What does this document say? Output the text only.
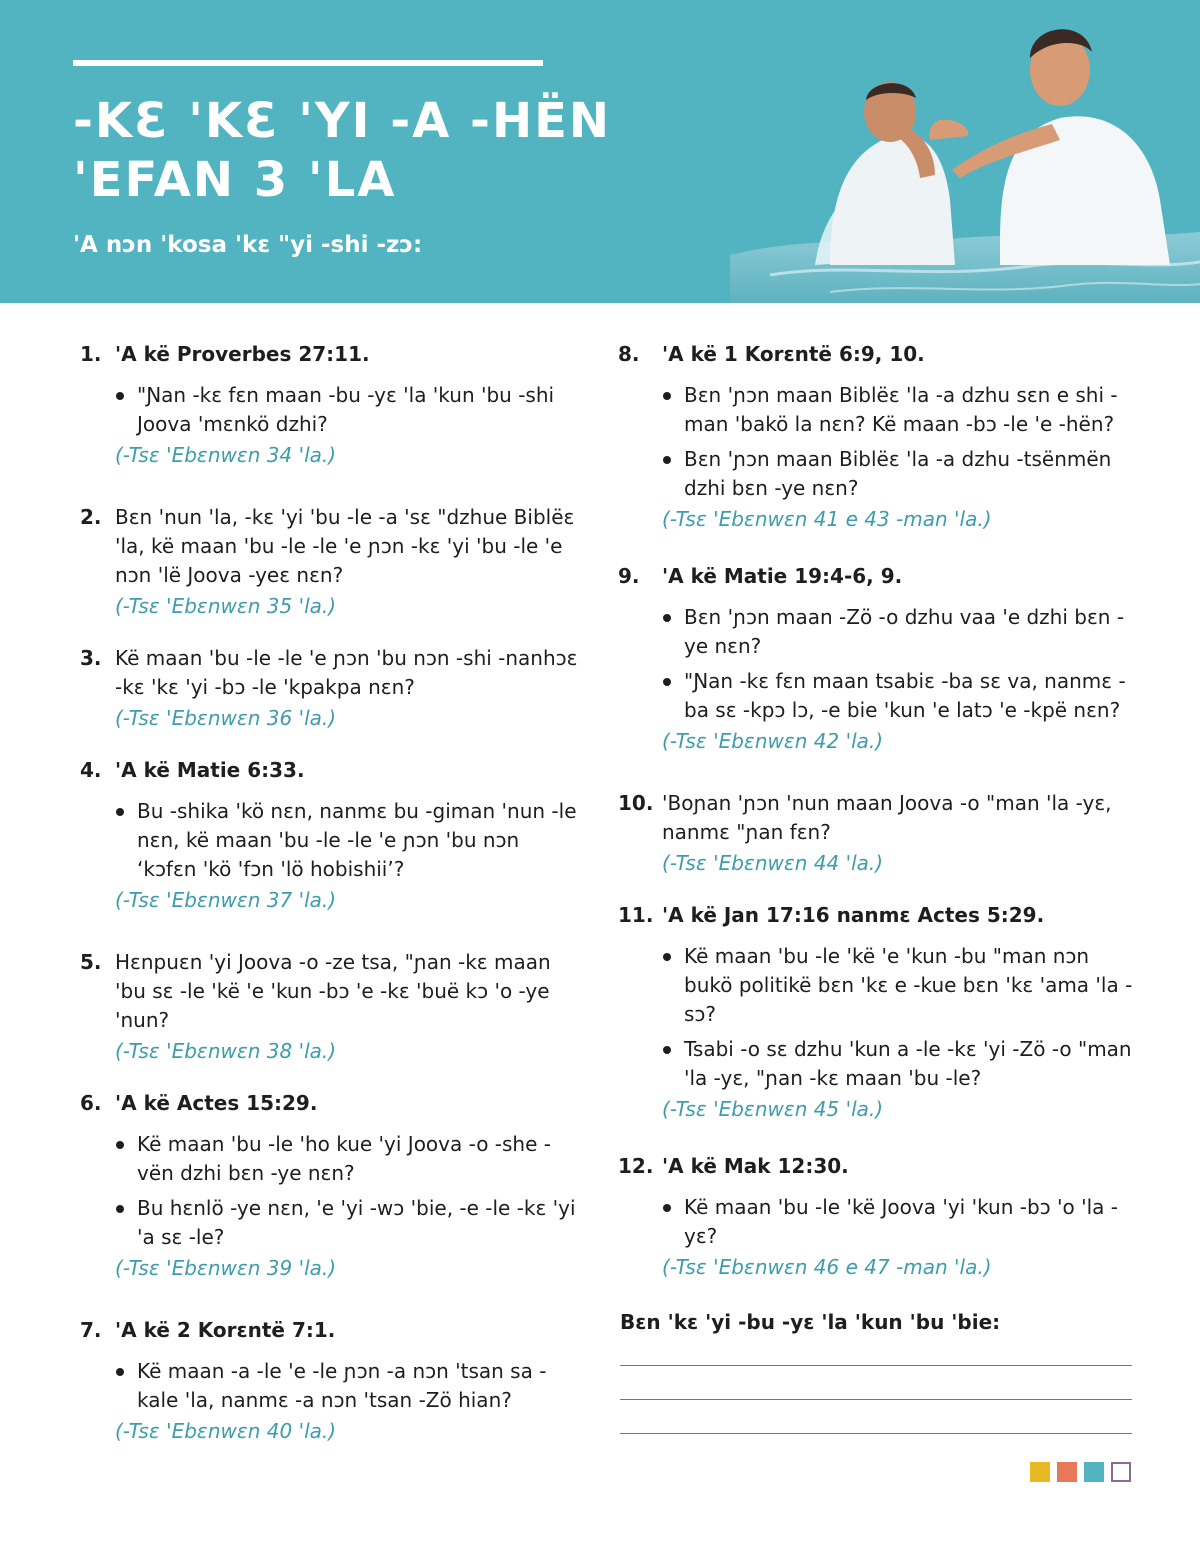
-KƐ 'KƐ 'YI -A -HËN
'EFAN 3 'LA
'A nɔn 'kosa 'kɛ "yi -shi -zɔ:
1. 'A kë Proverbes 27:11.
"Ɲan -kɛ fɛn maan -bu -yɛ 'la 'kun 'bu -shi Joova 'mɛnkö dzhi?
(-Tsɛ 'Ebɛnwɛn 34 'la.)
2. Bɛn 'nun 'la, -kɛ 'yi 'bu -le -a 'sɛ "dzhue Biblëɛ 'la, kë maan 'bu -le -le 'e ɲɔn -kɛ 'yi 'bu -le 'e nɔn 'lë Joova -yeɛ nɛn?
(-Tsɛ 'Ebɛnwɛn 35 'la.)
3. Kë maan 'bu -le -le 'e ɲɔn 'bu nɔn -shi -nanhɔɛ -kɛ 'kɛ 'yi -bɔ -le 'kpakpa nɛn?
(-Tsɛ 'Ebɛnwɛn 36 'la.)
4. 'A kë Matie 6:33.
Bu -shika 'kö nɛn, nanmɛ bu -giman 'nun -le nɛn, kë maan 'bu -le -le 'e ɲɔn 'bu nɔn ‘kɔfɛn 'kö 'fɔn 'lö hobishii’?
(-Tsɛ 'Ebɛnwɛn 37 'la.)
5. Hɛnpuɛn 'yi Joova -o -ze tsa, "ɲan -kɛ maan 'bu sɛ -le 'kë 'e 'kun -bɔ 'e -kɛ 'buë kɔ 'o -ye 'nun?
(-Tsɛ 'Ebɛnwɛn 38 'la.)
6. 'A kë Actes 15:29.
Kë maan 'bu -le 'ho kue 'yi Joova -o -she -vën dzhi bɛn -ye nɛn?
Bu hɛnlö -ye nɛn, 'e 'yi -wɔ 'bie, -e -le -kɛ 'yi 'a sɛ -le?
(-Tsɛ 'Ebɛnwɛn 39 'la.)
7. 'A kë 2 Korɛntë 7:1.
Kë maan -a -le 'e -le ɲɔn -a nɔn 'tsan sa -kale 'la, nanmɛ -a nɔn 'tsan -Zö hian?
(-Tsɛ 'Ebɛnwɛn 40 'la.)
8. 'A kë 1 Korɛntë 6:9, 10.
Bɛn 'ɲɔn maan Biblëɛ 'la -a dzhu sɛn e shi -man 'bakö la nɛn? Kë maan -bɔ -le 'e -hën?
Bɛn 'ɲɔn maan Biblëɛ 'la -a dzhu -tsënmën dzhi bɛn -ye nɛn?
(-Tsɛ 'Ebɛnwɛn 41 e 43 -man 'la.)
9. 'A kë Matie 19:4-6, 9.
Bɛn 'ɲɔn maan -Zö -o dzhu vaa 'e dzhi bɛn -ye nɛn?
"Ɲan -kɛ fɛn maan tsabiɛ -ba sɛ va, nanmɛ -ba sɛ -kpɔ lɔ, -e bie 'kun 'e latɔ 'e -kpë nɛn?
(-Tsɛ 'Ebɛnwɛn 42 'la.)
10. 'Boɲan 'ɲɔn 'nun maan Joova -o "man 'la -yɛ, nanmɛ "ɲan fɛn?
(-Tsɛ 'Ebɛnwɛn 44 'la.)
11. 'A kë Jan 17:16 nanmɛ Actes 5:29.
Kë maan 'bu -le 'kë 'e 'kun -bu "man nɔn bukö politikë bɛn 'kɛ e -kue bɛn 'kɛ 'ama 'la -sɔ?
Tsabi -o sɛ dzhu 'kun a -le -kɛ 'yi -Zö -o "man 'la -yɛ, "ɲan -kɛ maan 'bu -le?
(-Tsɛ 'Ebɛnwɛn 45 'la.)
12. 'A kë Mak 12:30.
Kë maan 'bu -le 'kë Joova 'yi 'kun -bɔ 'o 'la -yɛ?
(-Tsɛ 'Ebɛnwɛn 46 e 47 -man 'la.)
Bɛn 'kɛ 'yi -bu -yɛ 'la 'kun 'bu 'bie:
